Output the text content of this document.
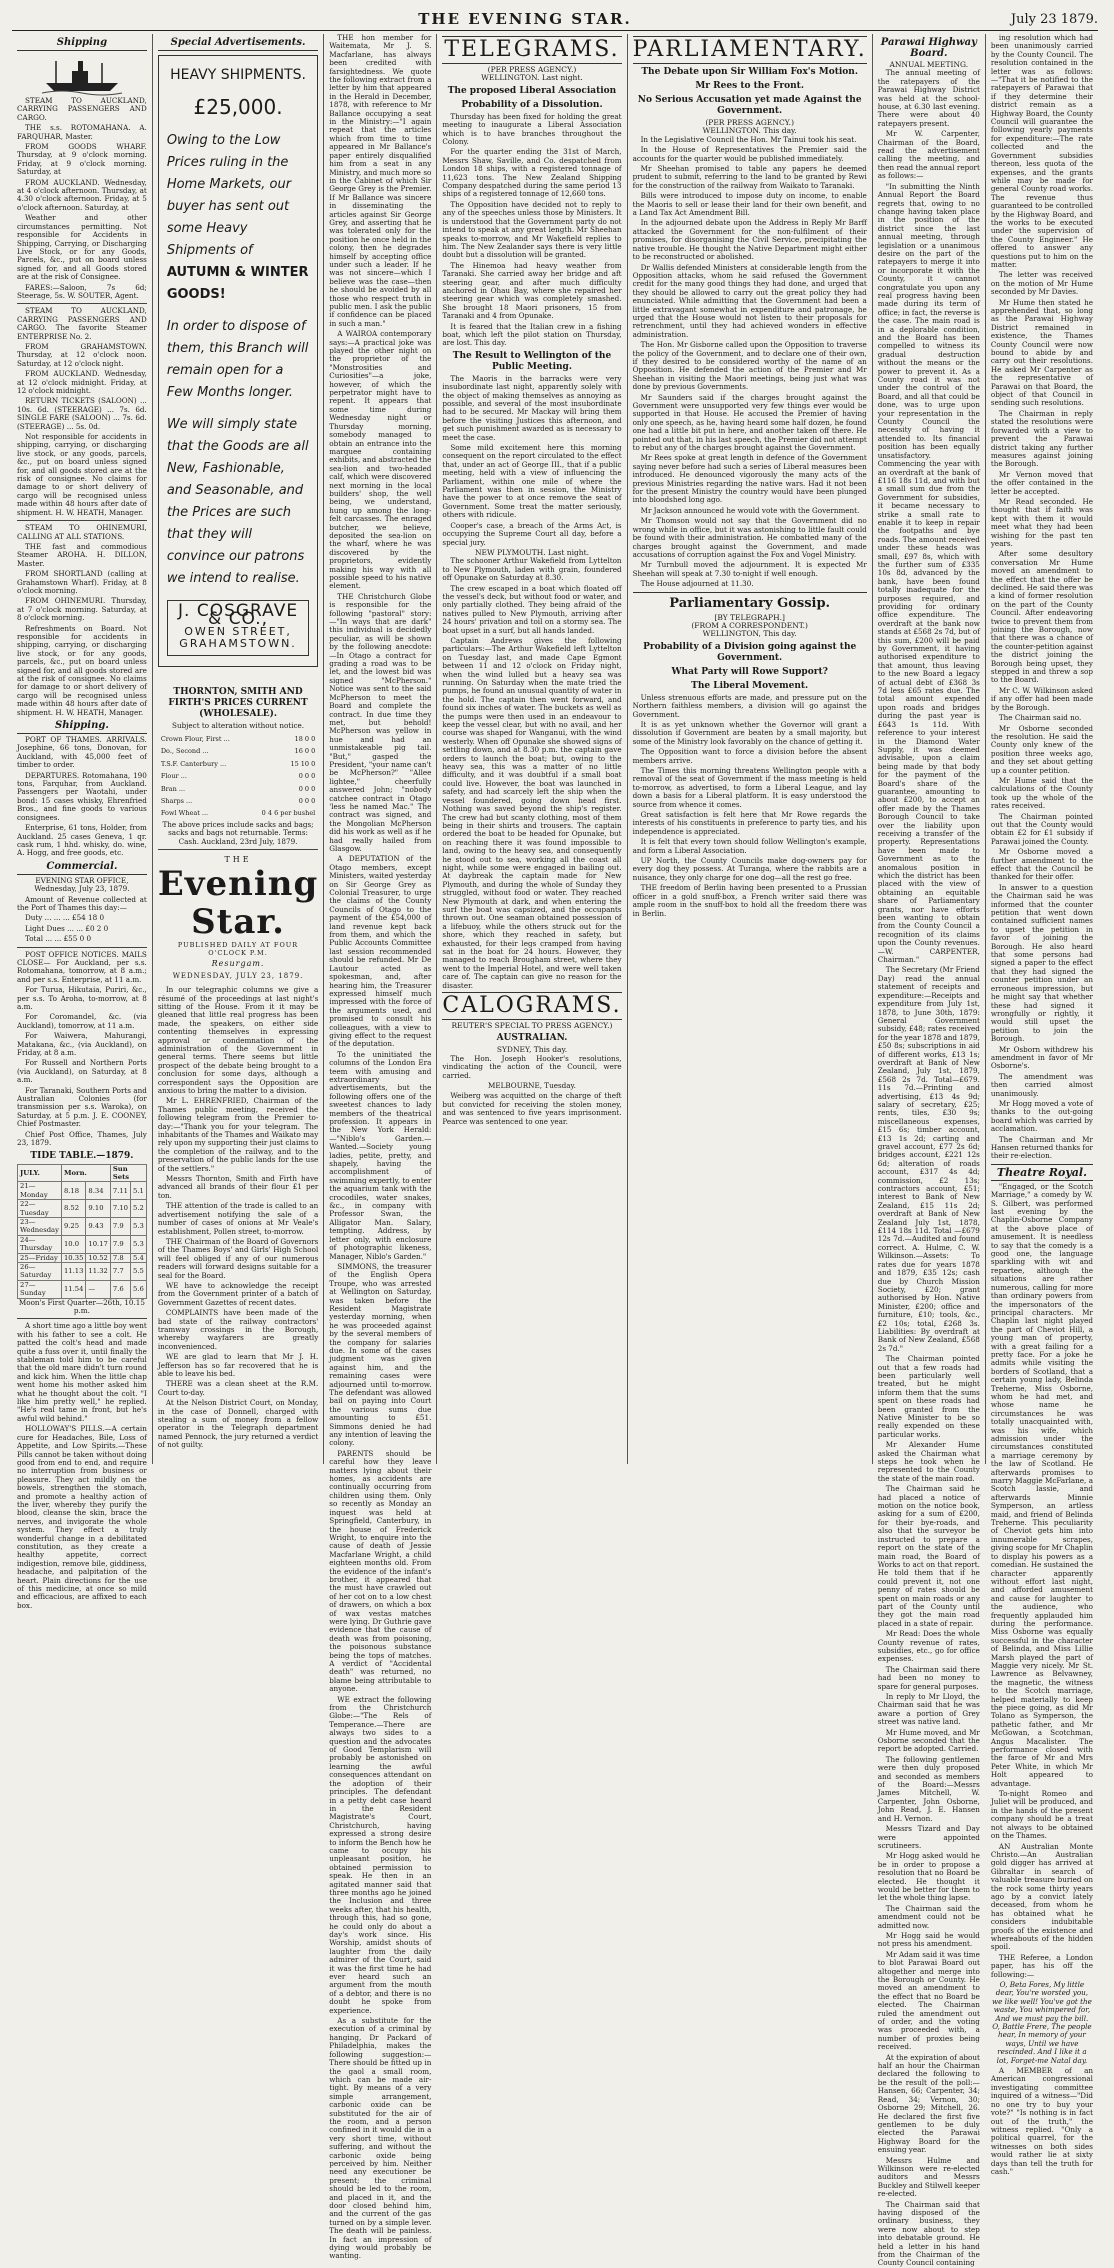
THE EVENING STAR.	July 23 1879.
Shipping

STEAM TO AUCKLAND, CARRYING PASSENGERS AND CARGO.

THE s.s. ROTOMAHANA. A. FARQUHAR, Master.

FROM GOODS WHARF. Thursday, at 9 o'clock morning. Friday, at 9 o'clock morning. Saturday, at

FROM AUCKLAND. Wednesday, at 4 o'clock afternoon. Thursday, at 4.30 o'clock afternoon. Friday, at 5 o'clock afternoon. Saturday, at

Weather and other circumstances permitting. Not responsible for Accidents in Shipping, Carrying, or Discharging Live Stock, or for any Goods, Parcels, &c., put on board unless signed for, and all Goods stored are at the risk of Consignee.

FARES:—Saloon, 7s 6d; Steerage, 5s. W. SOUTER, Agent.

STEAM TO AUCKLAND, CARRYING PASSENGERS AND CARGO. The favorite Steamer ENTERPRISE No. 2.

FROM GRAHAMSTOWN. Thursday, at 12 o'clock noon. Saturday, at 12 o'clock night.

FROM AUCKLAND. Wednesday, at 12 o'clock midnight. Friday, at 12 o'clock midnight.

RETURN TICKETS (SALOON) ... 10s. 6d. (STEERAGE) ... 7s. 6d. SINGLE FARE (SALOON) ... 7s. 6d. (STEERAGE) ... 5s. 0d.

Not responsible for accidents in shipping, carrying, or discharging live stock, or any goods, parcels, &c., put on board unless signed for, and all goods stored are at the risk of consignee. No claims for damage to or short delivery of cargo will be recognised unless made within 48 hours after date of shipment. H. W. HEATH, Manager.

STEAM TO OHINEMURI, CALLING AT ALL STATIONS.

THE fast and commodious Steamer AROHA. H. DILLON, Master.

FROM SHORTLAND (calling at Grahamstown Wharf). Friday, at 8 o'clock morning.

FROM OHINEMURI. Thursday, at 7 o'clock morning. Saturday, at 8 o'clock morning.

Refreshments on Board. Not responsible for accidents in shipping, carrying, or discharging live stock, or for any goods, parcels, &c., put on board unless signed for, and all goods stored are at the risk of consignee. No claims for damage to or short delivery of cargo will be recognised unless made within 48 hours after date of shipment. H. W. HEATH, Manager.

Shipping.

PORT OF THAMES. ARRIVALS. Josephine, 66 tons, Donovan, for Auckland, with 45,000 feet of timber to order.

DEPARTURES. Rotomahana, 190 tons, Farquhar, from Auckland. Passengers per Waotahi, under bond: 15 cases whisky, Ehrenfried Bros., and fine goods to various consignees.

Enterprise, 61 tons, Holder, from Auckland. 25 cases Geneva, 1 qr. cask rum, 1 hhd. whisky, do. wine, A. Hogg, and free goods, etc.

Commercial.

EVENING STAR OFFICE, Wednesday, July 23, 1879.

Amount of Revenue collected at the Port of Thames this day:—

Duty ... ... ... £54 18 0

Light Dues ... ... £0 2 0

Total ... ... £55 0 0

POST OFFICE NOTICES. MAILS CLOSE— For Auckland, per s.s. Rotomahana, tomorrow, at 8 a.m.; and per s.s. Enterprise, at 11 a.m.

For Turua, Hikutaia, Puriri, &c., per s.s. To Aroha, to-morrow, at 8 a.m.

For Coromandel, &c. (via Auckland), tomorrow, at 11 a.m.

For Waiwera, Mahurangi, Matakana, &c., (via Auckland), on Friday, at 8 a.m.

For Russell and Northern Ports (via Auckland), on Saturday, at 8 a.m.

For Taranaki, Southern Ports and Australian Colonies (for transmission per s.s. Waroka), on Saturday, at 5 p.m. J. E. COONEY, Chief Postmaster.

Chief Post Office, Thames, July 23, 1879.

TIDE TABLE.—1879.
JULY.	Morn.		Sun Sets	
21—Monday	8.18	8.34	7.11	5.1
22—Tuesday	8.52	9.10	7.10	5.2
23—Wednesday	9.25	9.43	7.9	5.3
24—Thursday	10.0	10.17	7.9	5.3
25—Friday	10.35	10.52	7.8	5.4
26—Saturday	11.13	11.32	7.7	5.5
27—Sunday	11.54	—	7.6	5.6

Moon's First Quarter—26th, 10.15 p.m.

A short time ago a little boy went with his father to see a colt. He patted the colt's head and made quite a fuss over it, until finally the stableman told him to be careful that the old mare didn't turn round and kick him. When the little chap went home his mother asked him what he thought about the colt. "I like him pretty well," he replied. "He's real tame in front, but he's awful wild behind."

HOLLOWAY'S PILLS.—A certain cure for Headaches, Bile, Loss of Appetite, and Low Spirits.—These Pills cannot be taken without doing good from end to end, and require no interruption from business or pleasure. They act mildly on the bowels, strengthen the stomach, and promote a healthy action of the liver, whereby they purify the blood, cleanse the skin, brace the nerves, and invigorate the whole system. They effect a truly wonderful change in a debilitated constitution, as they create a healthy appetite, correct indigestion, remove bile, giddiness, headache, and palpitation of the heart. Plain directions for the use of this medicine, at once so mild and efficacious, are affixed to each box.

Special Advertisements.
HEAVY SHIPMENTS.
£25,000.
Owing to the Low Prices ruling in the Home Markets, our buyer has sent out some Heavy Shipments of
AUTUMN & WINTER GOODS!
In order to dispose of them, this Branch will remain open for a Few Months longer.
We will simply state that the Goods are all New, Fashionable, and Seasonable, and the Prices are such that they will convince our patrons we intend to realise.
J. COSGRAVE & CO.,
OWEN STREET,
GRAHAMSTOWN.
THORNTON, SMITH AND FIRTH'S PRICES CURRENT (WHOLESALE).

Subject to alteration without notice.

Crown Flour, First ...	18 0 0
Do., Second ...	16 0 0
T.S.F. Canterbury ...	15 10 0
Flour ...	0 0 0
Bran ...	0 0 0
Sharps ...	0 0 0
Fowl Wheat ...	0 4 6 per bushel

The above prices include sacks and bags; sacks and bags not returnable. Terms: Cash. Auckland, 23rd July, 1879.

THE
Evening Star.
PUBLISHED DAILY AT FOUR O'CLOCK P.M.
Resurgam.
WEDNESDAY, JULY 23, 1879.

In our telegraphic columns we give a résumé of the proceedings at last night's sitting of the House. From it it may be gleaned that little real progress has been made, the speakers, on either side contenting themselves in expressing approval or condemnation of the administration of the Government in general terms. There seems but little prospect of the debate being brought to a conclusion for some days, although a correspondent says the Opposition are anxious to bring the matter to a division.

Mr L. EHRENFRIED, Chairman of the Thames public meeting, received the following telegram from the Premier to-day:—"Thank you for your telegram. The inhabitants of the Thames and Waikato may rely upon my supporting their just claims to the completion of the railway, and to the preservation of the public lands for the use of the settlers."

Messrs Thornton, Smith and Firth have advanced all brands of their flour £1 per ton.

THE attention of the trade is called to an advertisement notifying the sale of a number of cases of onions at Mr Veale's establishment, Pollen street, to-morrow.

THE Chairman of the Board of Governors of the Thames Boys' and Girls' High School will feel obliged if any of our numerous readers will forward designs suitable for a seal for the Board.

WE have to acknowledge the receipt from the Government printer of a batch of Government Gazettes of recent dates.

COMPLAINTS have been made of the bad state of the railway contractors' tramway crossings in the Borough, whereby wayfarers are greatly inconvenienced.

WE are glad to learn that Mr J. H. Jefferson has so far recovered that he is able to leave his bed.

THERE was a clean sheet at the R.M. Court to-day.

At the Nelson District Court, on Monday, in the case of Donnell, charged with stealing a sum of money from a fellow operator in the Telegraph department named Pennock, the jury returned a verdict of not guilty.

THE hon member for Waitemata, Mr J. S. Macfarlane, has always been credited with farsightedness. We quote the following extract from a letter by him that appeared in the Herald in December, 1878, with reference to Mr Ballance occupying a seat in the Ministry:—"I again repeat that the articles which from time to time appeared in Mr Ballance's paper entirely disqualified him from a seat in any Ministry, and much more so in the Cabinet of which Sir George Grey is the Premier. If Mr Ballance was sincere in disseminating the articles against Sir George Grey, and asserting that he was tolerated only for the position he once held in the colony, then he degrades himself by accepting office under such a leader. If he was not sincere—which I believe was the case—then he should be avoided by all those who respect truth in public men. I ask the public if confidence can be placed in such a man."

A WAIROA contemporary says:—A practical joke was played the other night on the proprietor of the "Monstrosities and Curiosities"—a joke, however, of which the perpetrator might have to repent. It appears that some time during Wednesday night or Thursday morning, somebody managed to obtain an entrance into the marquee containing exhibits, and abstracted the sea-lion and two-headed calf, which were discovered next morning in the local builders' shop, the well being, we understand, hung up among the long-felt carcasses. The enraged butcher, we believe, deposited the sea-lion on the wharf, where he was discovered by the proprietors, evidently making his way with all possible speed to his native element.

THE Christchurch Globe is responsible for the following "pastoral" story:—"In ways that are dark" this individual is decidedly peculiar, as will be shown by the following anecdote:—In Otago a contract for grading a road was to be let, and the lowest bid was signed "McPherson." Notice was sent to the said McPherson to meet the Board and complete the contract. In due time they met, but behold! McPherson was yellow in hue and had an unmistakeable pig tail. "But," gasped the President, "your name can't be McPherson?" "Allee lightee," cheerfully answered John; "nobody catchee contract in Otago 'less he named Mac." The contract was signed, and the Mongolian McPherson did his work as well as if he had really hailed from Glasgow.

A DEPUTATION of the Otago members, except Ministers, waited yesterday on Sir George Grey as Colonial Treasurer, to urge the claims of the County Councils of Otago to the payment of the £54,000 of land revenue kept back from them, and which the Public Accounts Committee last session recommended should be refunded. Mr De Lautour acted as spokesman, and, after hearing him, the Treasurer expressed himself much impressed with the force of the arguments used, and promised to consult his colleagues, with a view to giving effect to the request of the deputation.

To the uninitiated the columns of the London Era teem with amusing and extraordinary advertisements, but the following offers one of the sweetest chances to lady members of the theatrical profession. It appears in the New York Herald:—"Niblo's Garden.—Wanted.—Society young ladies, petite, pretty, and shapely, having the accomplishment of swimming expertly, to enter the aquarium tank with the crocodiles, water snakes, &c., in company with Professor Swan, the Alligator Man. Salary, tempting. Address, by letter only, with enclosure of photographic likeness, Manager, Niblo's Garden."

SIMMONS, the treasurer of the English Opera Troupe, who was arrested at Wellington on Saturday, was taken before the Resident Magistrate yesterday morning, when he was proceeded against by the several members of the company for salaries due. In some of the cases judgment was given against him, and the remaining cases were adjourned until to-morrow. The defendant was allowed bail on paying into Court the various sums due amounting to £51. Simmons denied he had any intention of leaving the colony.

PARENTS should be careful how they leave matters lying about their homes, as accidents are continually occurring from children using them. Only so recently as Monday an inquest was held at Springfield, Canterbury, in the house of Frederick Wright, to enquire into the cause of death of Jessie Macfarlane Wright, a child eighteen months old. From the evidence of the infant's brother, it appeared that the must have crawled out of her cot on to a low chest of drawers, on which a box of wax vestas matches were lying. Dr Guthrie gave evidence that the cause of death was from poisoning, the poisonous substance being the tops of matches. A verdict of "Accidental death" was returned, no blame being attributable to anyone.

WE extract the following from the Christchurch Globe:—"The Rels of Temperance.—There are always two sides to a question and the advocates of Good Templarism will probably be astonished on learning the awful consequences attendant on the adoption of their principles. The defendant in a petty debt case heard in the Resident Magistrate's Court, Christchurch, having expressed a strong desire to inform the Bench how he came to occupy his unpleasant position, he obtained permission to speak. He then in an agitated manner said that three months ago he joined the Inclusion and three weeks after, that his health, through this, had so gone, he could only do about a day's work since. His Worship, amidst shouts of laughter from the daily admirer of the Court, said it was the first time he had ever heard such an argument from the mouth of a debtor, and there is no doubt he spoke from experience.

As a substitute for the execution of a criminal by hanging, Dr Packard of Philadelphia, makes the following suggestion:—There should be fitted up in the gaol a small room, which can be made air-tight. By means of a very simple arrangement, carbonic oxide can be substituted for the air of the room, and a person confined in it would die in a very short time, without suffering, and without the carbonic oxide being perceived by him. Neither need any executioner be present; the criminal should be led to the room, and placed in it, and the door closed behind him, and the current of the gas turned on by a simple lever. The death will be painless. In fact an impression of dying would probably be wanting.

TELEGRAMS.
(PER PRESS AGENCY.)
WELLINGTON. Last night.
The proposed Liberal Association
Probability of a Dissolution.

Thursday has been fixed for holding the great meeting to inaugurate a Liberal Association which is to have branches throughout the Colony.

For the quarter ending the 31st of March, Messrs Shaw, Saville, and Co. despatched from London 18 ships, with a registered tonnage of 11,623 tons. The New Zealand Shipping Company despatched during the same period 13 ships of a registered tonnage of 12,660 tons.

The Opposition have decided not to reply to any of the speeches unless those by Ministers. It is understood that the Government party do not intend to speak at any great length. Mr Sheehan speaks to-morrow, and Mr Wakefield replies to him. The New Zealander says there is very little doubt but a dissolution will be granted.

The Hinemoa had heavy weather from Taranaki. She carried away her bridge and aft steering gear, and after much difficulty anchored in Ohau Bay, where she repaired her steering gear which was completely smashed. She brought 18 Maori prisoners, 15 from Taranaki and 4 from Opunake.

It is feared that the Italian crew in a fishing boat, which left the pilot station on Thursday, are lost. This day.

The Result to Wellington of the Public Meeting.

The Maoris in the barracks were very insubordinate last night, apparently solely with the object of making themselves as annoying as possible, and several of the most insubordinate had to be secured. Mr Mackay will bring them before the visiting Justices this afternoon, and get such punishment awarded as is necessary to meet the case.

Some mild excitement here this morning consequent on the report circulated to the effect that, under an act of George III., that if a public meeting, held with a view of influencing the Parliament, within one mile of where the Parliament was then in session, the Ministry have the power to at once remove the seat of Government. Some treat the matter seriously, others with ridicule.

Cooper's case, a breach of the Arms Act, is occupying the Supreme Court all day, before a special jury.

NEW PLYMOUTH. Last night.

The schooner Arthur Wakefield from Lyttelton to New Plymouth, laden with grain, foundered off Opunake on Saturday at 8.30.

The crew escaped in a boat which floated off the vessel's deck, but without food or water, and only partially clothed. They being afraid of the natives pulled to New Plymouth, arriving after 24 hours' privation and toil on a stormy sea. The boat upset in a surf, but all hands landed.

Captain Andrews gives the following particulars:—The Arthur Wakefield left Lyttelton on Tuesday last, and made Cape Egmont between 11 and 12 o'clock on Friday night, when the wind lulled but a heavy sea was running. On Saturday when the mate tried the pumps, he found an unusual quantity of water in the hold. The captain then went forward, and found six inches of water. The buckets as well as the pumps were then used in an endeavour to keep the vessel clear, but with no avail, and her course was shaped for Wanganui, with the wind westerly. When off Opunake she showed signs of settling down, and at 8.30 p.m. the captain gave orders to launch the boat; but, owing to the heavy sea, this was a matter of no little difficulty, and it was doubtful if a small boat could live. However, the boat was launched in safety, and had scarcely left the ship when the vessel foundered, going down head first. Nothing was saved beyond the ship's register. The crew had but scanty clothing, most of them being in their shirts and trousers. The captain ordered the boat to be headed for Opunake, but on reaching there it was found impossible to land, owing to the heavy sea, and consequently he stood out to sea, working all the coast all night, while some were engaged in bailing out. At daybreak the captain made for New Plymouth, and during the whole of Sunday they struggled, without food or water. They reached New Plymouth at dark, and when entering the surf the boat was capsized, and the occupants thrown out. One seaman obtained possession of a lifebuoy, while the others struck out for the shore, which they reached in safety, but exhausted, for their legs cramped from having sat in the boat for 24 hours. However, they managed to reach Brougham street, where they went to the Imperial Hotel, and were well taken care of. The captain can give no reason for the disaster.

CALOGRAMS.
REUTER'S SPECIAL TO PRESS AGENCY.)
AUSTRALIAN.
SYDNEY, This day.

The Hon. Joseph Hooker's resolutions, vindicating the action of the Council, were carried.

MELBOURNE, Tuesday.

Weiberg was acquitted on the charge of theft but convicted for receiving the stolen money, and was sentenced to five years imprisonment. Pearce was sentenced to one year.

PARLIAMENTARY.
The Debate upon Sir William Fox's Motion.
Mr Rees to the Front.
No Serious Accusation yet made Against the Government.
(PER PRESS AGENCY.)
WELLINGTON. This day.

In the Legislative Council the Hon. Mr Tainui took his seat.

In the House of Representatives the Premier said the accounts for the quarter would be published immediately.

Mr Sheehan promised to table any papers he deemed prudent to submit, referring to the land to be granted by Rewi for the construction of the railway from Waikato to Taranaki.

Bills were introduced to impose duty on income, to enable the Maoris to sell or lease their land for their own benefit, and a Land Tax Act Amendment Bill.

In the adjourned debate upon the Address in Reply Mr Barff attacked the Government for the non-fulfilment of their promises, for disorganising the Civil Service, precipitating the native trouble. He thought the Native Department might either to be reconstructed or abolished.

Dr Wallis defended Ministers at considerable length from the Opposition attacks, whom he said refused the Government credit for the many good things they had done, and urged that they should be allowed to carry out the great policy they had enunciated. While admitting that the Government had been a little extravagant somewhat in expenditure and patronage, he urged that the House would not listen to their proposals for retrenchment, until they had achieved wonders in effective administration.

The Hon. Mr Gisborne called upon the Opposition to traverse the policy of the Government, and to declare one of their own, if they desired to be considered worthy of the name of an Opposition. He defended the action of the Premier and Mr Sheehan in visiting the Maori meetings, being just what was done by previous Governments.

Mr Saunders said if the charges brought against the Government were unsupported very few things ever would be supported in that House. He accused the Premier of having only one speech, as he, having heard some half dozen, he found one had a little bit put in here, and another taken off there. He pointed out that, in his last speech, the Premier did not attempt to rebut any of the charges brought against the Government.

Mr Rees spoke at great length in defence of the Government saying never before had such a series of Liberal measures been introduced. He denounced vigorously the many acts of the previous Ministries regarding the native wars. Had it not been for the present Ministry the country would have been plunged into bloodshed long ago.

Mr Jackson announced he would vote with the Government.

Mr Thomson would not say that the Government did no wrong while in office, but it was astonishing to little fault could be found with their administration. He combatted many of the charges brought against the Government, and made accusations of corruption against the Fox and Vogel Ministry.

Mr Turnbull moved the adjournment. It is expected Mr Sheehan will speak at 7.30 to-night if well enough.

The House adjourned at 11.30.

Parliamentary Gossip.
[BY TELEGRAPH.]
(FROM A CORRESPONDENT.)
WELLINGTON, This day.
Probability of a Division going against the Government.
What Party will Rowe Support?
The Liberal Movement.

Unless strenuous efforts are made, and pressure put on the Northern faithless members, a division will go against the Government.

It is as yet unknown whether the Governor will grant a dissolution if Government are beaten by a small majority, but some of the Ministry look favorably on the chance of getting it.

The Opposition want to force a division before the absent members arrive.

The Times this morning threatens Wellington people with a removal of the seat of Government if the mass meeting is held to-morrow, as advertised, to form a Liberal League, and lay down a basis for a Liberal platform. It is easy understood the source from whence it comes.

Great satisfaction is felt here that Mr Rowe regards the interests of his constituents in preference to party ties, and his independence is appreciated.

It is felt that every town should follow Wellington's example, and form a Liberal Association.

UP North, the County Councils make dog-owners pay for every dog they possess. At Turanga, where the rabbits are a nuisance, they only charge for one dog—all the rest go free.

THE freedom of Berlin having been presented to a Prussian officer in a gold snuff-box, a French writer said there was ample room in the snuff-box to hold all the freedom there was in Berlin.

Parawai Highway Board.
ANNUAL MEETING.

The annual meeting of the ratepayers of the Parawai Highway District was held at the school-house, at 6.30 last evening. There were about 40 ratepayers present.

Mr W. Carpenter, Chairman of the Board, read the advertisement calling the meeting, and then read the annual report as follows:—

"In submitting the Ninth Annual Report the Board regrets that, owing to no change having taken place in the position of the district since the last annual meeting, through legislation or a unanimous desire on the part of the ratepayers to merge it into or incorporate it with the County, it cannot congratulate you upon any real progress having been made during its term of office; in fact, the reverse is the case. The main road is in a deplorable condition, and the Board has been compelled to witness its gradual destruction without the means or the power to prevent it. As a County road it was not under the control of the Board, and all that could be done, was to urge upon your representation in the County Council the necessity of having it attended to. Its financial position has been equally unsatisfactory. Commencing the year with an overdraft at the bank of £116 18s 11d, and with but a small sum due from the Government for subsidies, it became necessary to strike a small rate to enable it to keep in repair the footpaths and bye roads. The amount received under these heads was small, £97 8s, which with the further sum of £335 10s 8d, advanced by the bank, have been found totally inadequate for the purposes required, and providing for ordinary office expenditure. The overdraft at the bank now stands at £568 2s 7d, but of this sum, £200 will be paid by Government, it having authorised expenditure to that amount, thus leaving to the new Board a legacy of actual debt of £368 3s 7d less £65 rates due. The total amount expended upon roads and bridges during the past year is £643 1s 11d. With reference to your interest in the Diamond Water Supply, it was deemed advisable, upon a claim being made by that body for the payment of the Board's share of the guarantee, amounting to about £200, to accept an offer made by the Thames Borough Council to take over the liability upon receiving a transfer of the property. Representations have been made to Government as to the anomalous position in which the district has been placed with the view of obtaining an equitable share of Parliamentary grants, nor have efforts been wanting to obtain from the County Council a recognition of its claims upon the County revenues.—W. CARPENTER, Chairman."

The Secretary (Mr Friend Day) read the annual statement of receipts and expenditure:—Receipts and expenditure from July 1st, 1878, to June 30th, 1879: General Government subsidy, £48; rates received for the year 1878 and 1879, £50 8s; subscriptions in aid of different works, £13 1s; overdraft at Bank of New Zealand, July 1st, 1879, £568 2s 7d. Total—£679. 11s 7d.—Printing and advertising, £13 4s 9d; salary of secretary, £25; rents, tiles, £30 9s; miscellaneous expenses, £15 6s; timber account, £13 1s 2d; carting and gravel account, £77 2s 6d; bridges account, £221 12s 6d; alteration of roads account, £317 4s 4d; commission, £2 13s; contractors account, £51; interest to Bank of New Zealand, £15 11s 2d; overdraft at Bank of New Zealand July 1st, 1878, £114 18s 11d. Total —£679 12s 7d.—Audited and found correct. A. Hulme, C. W. Wilkinson.—Assets: To rates due for years 1878 and 1879, £35 12s; cash due by Church Mission Society, £20; grant authorised by Hon. Native Minister, £200; office and furniture, £10; tools, &c., £2 10s; total, £268 3s. Liabilities: By overdraft at Bank of New Zealand, £568 2s 7d."

The Chairman pointed out that a few roads had been particularly well treated, but he might inform them that the sums spent on these roads had been granted from the Native Minister to be so really expended on these particular works.

Mr Alexander Hume asked the Chairman what steps he took when he represented to the County the state of the main road.

The Chairman said he had placed a notice of motion on the notice book, asking for a sum of £200, for their bye-roads, and also that the surveyor be instructed to prepare a report on the state of the main road, the Board of Works to act on that report. He told them that if he could prevent it, not one penny of rates should be spent on main roads or any part of the County until they got the main road placed in a state of repair.

Mr Read: Does the whole County revenue of rates, subsidies, etc., go for office expenses.

The Chairman said there had been no money to spare for general purposes.

In reply to Mr Lloyd, the Chairman said that he was aware a portion of Grey street was native land.

Mr Hume moved, and Mr Osborne seconded that the report be adopted. Carried.

The following gentlemen were then duly proposed and seconded as members of the Board:—Messrs James Mitchell, W. Carpenter, John Osborne, John Read, J. E. Hansen and H. Vernon.

Messrs Tizard and Day were appointed scrutineers.

Mr Hogg asked would he be in order to propose a resolution that no Board be elected. He thought it would be better for them to let the whole thing lapse.

The Chairman said the amendment could not be admitted now.

Mr Hogg said he would not press his amendment.

Mr Adam said it was time to blot Parawai Board out altogether and merge into the Borough or County. He moved an amendment to the effect that no Board be elected. The Chairman ruled the amendment out of order, and the voting was proceeded with, a number of proxies being received.

At the expiration of about half an hour the Chairman declared the following to be the result of the poll:—Hansen, 66; Carpenter, 34; Read, 34; Vernon, 30; Osborne 29; Mitchell, 26. He declared the first five gentlemen to be duly elected the Parawai Highway Board for the ensuing year.

Messrs Hulme and Wilkinson were re-elected auditors and Messrs Buckley and Stilwell keeper re-elected.

The Chairman said that having disposed of the ordinary business, they were now about to step into debatable ground. He held a letter in his hand from the Chairman of the County Council containing

ing resolution which had been unanimously carried by the County Council. The resolution contained in the letter was as follows:—"That it be notified to the ratepayers of Parawai that if they determine their district remain as a Highway Board, the County Council will guarantee the following yearly payments for expenditure:—The rate collected and the Government subsidies thereon, less quota of the expenses, and the grants while may be made for general County road works. The revenue thus guaranteed to be controlled by the Highway Board, and the works to be executed under the supervision of the County Engineer." He offered to answer any questions put to him on the matter.

The letter was received on the motion of Mr Hume seconded by Mr Davies.

Mr Hume then stated he apprehended that, so long as the Parawai Highway District remained in existence, the Thames County Council were now bound to abide by and carry out their resolutions. He asked Mr Carpenter as the representative of Parawai on that Board, the object of that Council in sending such resolutions.

The Chairman in reply stated the resolutions were forwarded with a view to prevent the Parawai district taking any further measures against joining the Borough.

Mr Vernon moved that the offer contained in the letter be accepted.

Mr Read seconded. He thought that if faith was kept with them it would meet what they had been wishing for the past ten years.

After some desultory conversation Mr Hume moved an amendment to the effect that the offer be declined. He said there was a kind of former resolution on the part of the County Council. After endeavoring twice to prevent them from joining the Borough, now that there was a chance of the counter-petition against the district joining the Borough being upset, they stepped in and threw a sop to the Board.

Mr C. W. Wilkinson asked if any offer had been made by the Borough.

The Chairman said no.

Mr Osborne seconded the resolution. He said the County only knew of the position three weeks ago, and they set about getting up a counter petition.

Mr Hume said that the calculations of the County took up the whole of the rates received.

The Chairman pointed out that the County would obtain £2 for £1 subsidy if Parawai joined the County.

Mr Osborne moved a further amendment to the effect that the Council be thanked for their offer.

In answer to a question the Chairman said he was informed that the counter petition that went down contained sufficient names to upset the petition in favor of joining the Borough. He also heard that some persons had signed a paper to the effect that they had signed the counter petition under an erroneous impression, but he might say that whether these had signed it wrongfully or rightly, it would still upset the petition to join the Borough.

Mr Osborn withdrew his amendment in favor of Mr Osborne's.

The amendment was then carried almost unanimously.

Mr Hogg moved a vote of thanks to the out-going board which was carried by acclamation.

The Chairman and Mr Hansen returned thanks for their re-election.

Theatre Royal.

"Engaged, or the Scotch Marriage," a comedy by W. S. Gilbert, was performed last evening by the Chaplin-Osborne Company at the above place of amusement. It is needless to say that the comedy is a good one, the language sparkling with wit and repartee, although the situations are rather numerous, calling for more than ordinary powers from the impersonators of the principal characters. Mr Chaplin last night played the part of Cheviot Hill, a young man of property, with a great failing for a pretty face. For a joke he admits while visiting the borders of Scotland, that a certain young lady, Belinda Treherne, Miss Osborne, whom he had met, and whose name he circumstances he was totally unacquainted with, was his wife, which admission under the circumstances constituted a marriage ceremony by the law of Scotland. He afterwards promises to marry Maggie McFarlane, a Scotch lassie, and afterwards Minnie Symperson, an artless maid, and friend of Belinda Treherne. This peculiarity of Cheviot gets him into innumerable scrapes, giving scope for Mr Chaplin to display his powers as a comedian. He sustained the character apparently without effort last night, and afforded amusement and cause for laughter to the audience, who frequently applauded him during the performance. Miss Osborne was equally successful in the character of Belinda, and Miss Lillie Marsh played the part of Maggie very nicely. Mr St. Lawrence as Belvawney, the magnetic, the witness to the Scotch marriage, helped materially to keep the piece going, as did Mr Tolano as Symperson, the pathetic father, and Mr McGowan, a Scotchman, Angus Macalister. The performance closed with the farce of Mr and Mrs Peter White, in which Mr Holt appeared to advantage.

To-night Romeo and Juliet will be produced, and in the hands of the present company should be a treat not always to be obtained on the Thames.

AN Australian Monte Christo.—An Australian gold digger has arrived at Gibraltar in search of valuable treasure buried on the rock some thirty years ago by a convict lately deceased, from whom he has obtained what he considers indubitable proofs of the existence and whereabouts of the hidden spoil.

THE Referee, a London paper, has his off the following:—

O, Beta Fores, My little dear, You're worsted you, we like well! You've got the waste, You whimpered for, And we must pay the bill. O, Battle Frere, The people hear, In memory of your ways, Until we have rescinded. And I like it a lot, Forget-me Natal day.

A MEMBER of an American congressional investigating committee inquired of a witness—"Did no one try to buy your vote?" "Is nothing is in fact out of the truth," the witness replied. "Only a political quarrel, for the witnesses on both sides would rather lie at sixty days than tell the truth for cash."
